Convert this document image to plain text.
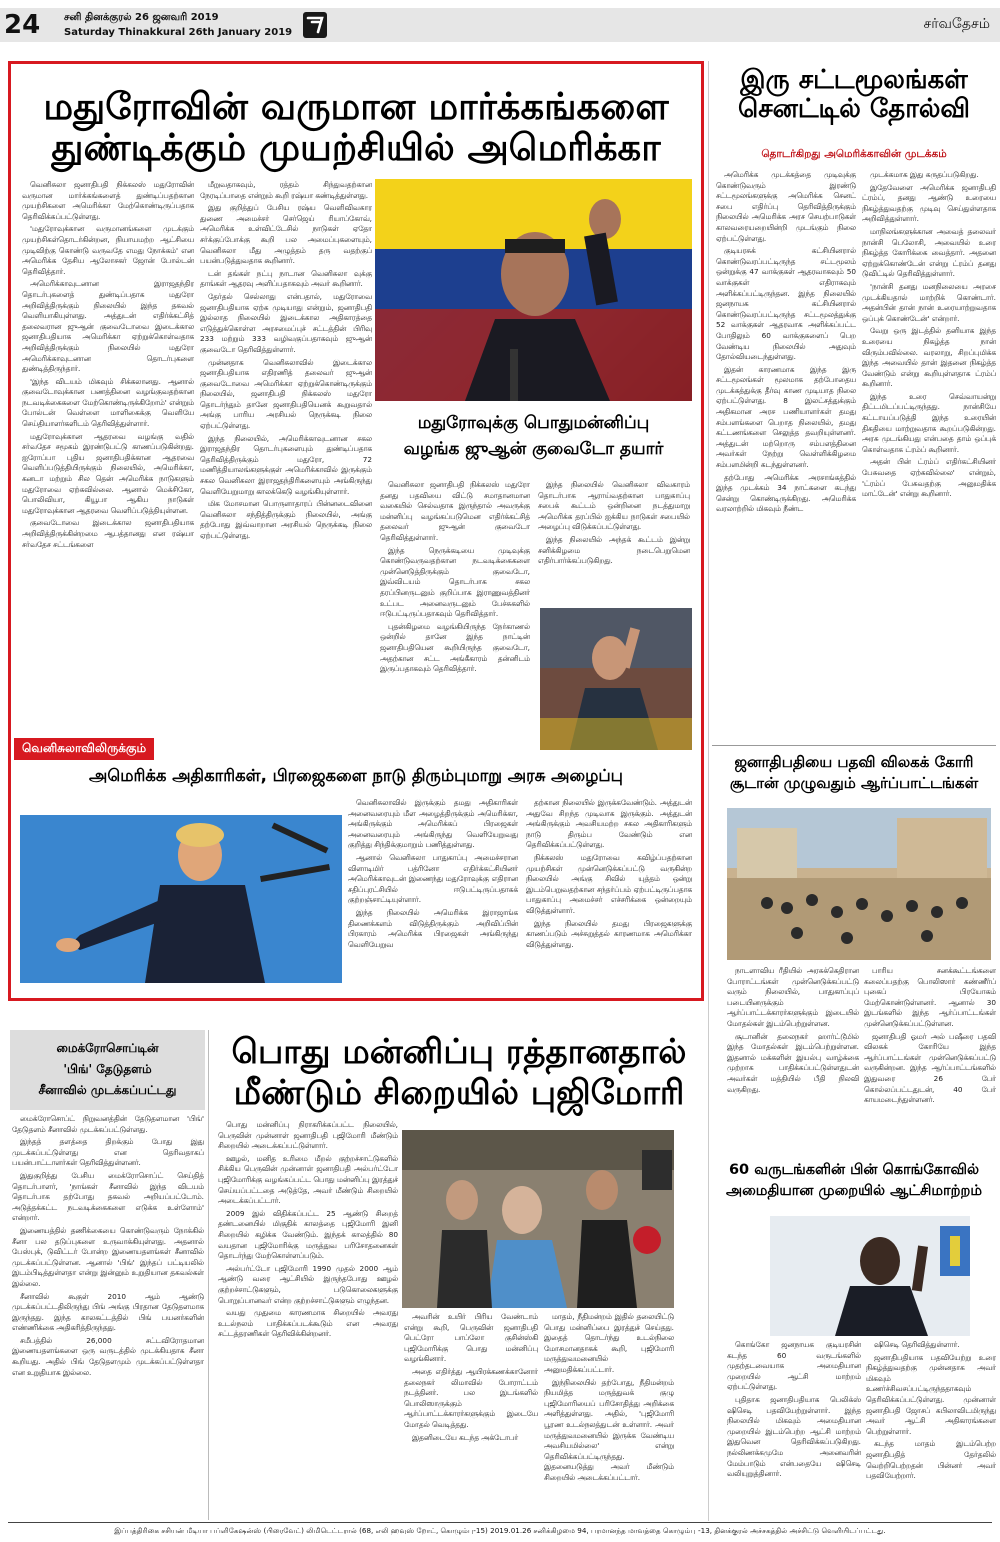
24 சனி தினக்குரல் 26 ஜனவரி 2019
Saturday Thinakkural 26th January 2019
சர்வதேசம்
மதுரோவின் வருமான மார்க்கங்களை
துண்டிக்கும் முயற்சியில் அமெரிக்கா

வெனிசுலா ஜனாதிபதி நிக்கலஸ் மதுரோவின் வருமான மார்க்கங்களைத் துண்டிப்பதற்கான முயற்சிகளை அமெரிக்கா மேற்கொண்டிருப்பதாக தெரிவிக்கப்பட்டுள்ளது.

'மதுரோவுக்கான வருமானங்களை முடக்கும் முயற்சிகள்தொடர்கின்றன, நியாயமற்ற ஆட்சியை முடிவிற்கு கொண்டு வருவதே எமது நோக்கம்' என அமெரிக்க தேசிய ஆலோசகர் ஜோன் போல்டன் தெரிவித்தார்.

அமெரிக்காவுடனான இராஜதந்திர தொடர்புகளைத் துண்டிப்பதாக மதுரோ அறிவித்திருக்கும் நிலையில் இந்த தகவல் வெளியாகியுள்ளது. அத்துடன் எதிர்க்கட்சித் தலைவரான ஜுஆன் குவைடோவை இடைக்கால ஜனாதிபதியாக அமெரிக்கா ஏற்றுக்கொள்வதாக அறிவித்திருக்கும் நிலையில் மதுரோ அமெரிக்காவுடனான தொடர்புகளை துண்டித்திருந்தார்.

'இந்த விடயம் மிகவும் சிக்கலானது. ஆனால் குவைடோவுக்கான பணத்தினை வழங்குவதற்கான நடவடிக்கைகளை மேற்கொண்டிருக்கிறோம்' என்றும் போல்டன் வெள்ளை மாளிகைக்கு வெளியே செய்தியாளர்களிடம் தெரிவித்துள்ளார்.

மதுரோவுக்கான ஆதரவை வழங்கு வதில் சர்வதேச சமூகம் இரண்டுபட்டு காணப்படுகின்றது. ஐரோப்பா புதிய ஜனாதிபதிக்கான ஆதரவை வெளிப்படுத்தியிருக்கும் நிலையில், அமெரிக்கா, கனடா மற்றும் சில தென் அமெரிக்க நாடுகளும் மதுரோவை ஏற்கவில்லை. ஆனால் மெக்சிகோ, பொலிவியா, கியூபா ஆகிய நாடுகள் மதுரோவுக்கான ஆதரவை வெளிப்படுத்தியுள்ளன.

குவைடோவை இடைக்கால ஜனாதிபதியாக அறிவித்திருக்கின்றமை ஆபத்தானது என ரஷ்யா சர்வதேச சட்டங்களை

மீறுவதாகவும், ரத்தம் சிந்துவதற்கான நேரடிப்பாதை என்றும் கூறி ரஷ்யா கண்டித்துள்ளது.

இது குறித்துப் பேசிய ரஷ்ய வெளிவிவகார துணை அமைச்சர் செர்ஜெய் ரியாப்கோவ், அமெரிக்க உள்விட்டேசில் நாடுகள் ஏதோ சர்க்குப்போக்கு கூறி பல அமைப்புகளையும், வெனிசுலா மீது அழுத்தம் தரு வதற்குப் பயன்படுத்துவதாக கூறினார்.

டன் தங்கள் நட்பு நாடான வெனிசுலா வுக்கு தாங்கள் ஆதரவு அளிப்பதாகவும் அவர் கூறினார்.

தேர்தல் செல்லாது என்பதால், மதுரோவை ஜனாதிபதியாக ஏற்க முடியாது என்றும், ஜனாதிபதி இல்லாத நிலையில் இடைக்கால அதிகாரத்தை எடுத்துக்கொள்ள அரசமைப்புச் சட்டத்தின் பிரிவு 233 மற்றும் 333 வழிவகுப்பதாகவும் ஜுஆன் குவைடோ தெரிவித்துள்ளார்.

முன்னதாக வெனிசுலாவில் இடைக்கால ஜனாதிபதியாக எதிரணித் தலைவர் ஜுஆன் குவைடோவை அமெரிக்கா ஏற்றுக்கொண்டிருக்கும் நிலையில், ஜனாதிபதி நிக்கலஸ் மதுரோ தொடர்ந்தும் தானே ஜனாதிபதியெனக் கூறுவதால் அங்கு பாரிய அரசியல் நெருக்கடி நிலை ஏற்பட்டுள்ளது.

இந்த நிலையில், அமெரிக்காவுடனான சகல இராஜதந்திர தொடர்புகளையும் துண்டிப்பதாக தெரிவித்திருக்கும் மதுரோ, 72 மணித்தியாலங்களுக்குள் அமெரிக்காவில் இருக்கும் சகல வெனிசுலா இராஜதந்திரிகளையும் அங்கிருந்து வெளியேறுமாறு காலக்கெடு வழங்கியுள்ளார்.

மிக மோசமான பொருளாதாரப் பின்னடைவினை வெனிசுலா சந்தித்திருக்கும் நிலையில், அங்கு தற்போது இவ்வாறான அரசியல் நெருக்கடி நிலை ஏற்பட்டுள்ளது.

மதுரோவுக்கு பொதுமன்னிப்பு
வழங்க ஜுஆன் குவைடோ தயார்

வெனிசுலா ஜனாதிபதி நிக்கலஸ் மதுரோ தனது பதவியை விட்டு சமாதானமான வகையில் செல்வதாக இருந்தால் அவருக்கு மன்னிப்பு வழங்கப்படுமென எதிர்க்கட்சித் தலைவர் ஜுஆன் குவைடோ தெரிவித்துள்ளார்.

இந்த நெருக்கடியை முடிவுக்கு கொண்டுவருவதற்கான நடவடிக்கைகளை முன்னெடுத்திருக்கும் குவைடோ, இவ்விடயம் தொடர்பாக சகல தரப்பினருடனும் குறிப்பாக இராணுவத்தினர் உட்பட அனைவருடனும் பேச்சுகளில் ஈடுபட்டிருப்பதாகவும் தெரிவித்தார்.

புதன்கிழமை வழங்கியிருந்த நேர்காணல் ஒன்றில் தானே இந்த நாட்டின் ஜனாதிபதியென கூறியிருந்த குவைடோ, அதற்கான சட்ட அங்கீகாரம் தன்னிடம் இருப்பதாகவும் தெரிவித்தார்.

இந்த நிலையில் வெனிசுலா விவகாரம் தொடர்பாக ஆராய்வதற்கான பாதுகாப்பு சபைக் கூட்டம் ஒன்றினை நடத்துமாறு அமெரிக்க தரப்பில் ஐக்கிய நாடுகள் சபையில் அழைப்பு விடுக்கப்பட்டுள்ளது.

இந்த நிலையில் அந்தக் கூட்டம் இன்று சனிக்கிழமை நடைபெறுமென எதிர்பார்க்கப்படுகிறது.

வெனிசுலாவிலிருக்கும்
அமெரிக்க அதிகாரிகள், பிரஜைகளை நாடு திரும்புமாறு அரசு அழைப்பு

வெனிசுலாவில் இருக்கும் தமது அதிகாரிகள் அனைவரையும் மீள அழைத்திருக்கும் அமெரிக்கா, அங்கிருக்கும் அமெரிக்கப் பிரஜைகள் அனைவரையும் அங்கிருந்து வெளியேறுவது குறித்து சிந்திக்குமாறும் பணித்துள்ளது.

ஆனால் வெனிசுலா பாதுகாப்பு அமைச்சரான விளாடிமிர் பத்ரினோ எதிர்க்கட்சியினர் அமெரிக்காவுடன் இணைந்து மதுரோவுக்கு எதிரான சதிப்புரட்சியில் ஈடுபட்டிருப்பதாகக் குற்றஞ்சாட்டியுள்ளார்.

இந்த நிலையில் அமெரிக்க இராஜாங்க திணைக்களம் விடுத்திருக்கும் அறிவிப்பின் பிரகாரம் அமெரிக்க பிரஜைகள் அங்கிருந்து வெளியேறுவ

தற்கான நிலையில் இருக்கவேண்டும். அத்துடன் அதுவே சிறந்த முடிவாக இருக்கும். அத்துடன் அங்கிருக்கும் அவசியமற்ற சகல அதிகாரிகளும் நாடு திரும்ப வேண்டும் என தெரிவிக்கப்பட்டுள்ளது.

நிக்கலஸ் மதுரோவை கவிழ்ப்பதற்கான முயற்சிகள் முன்னெடுக்கப்பட்டு வருகின்ற நிலையில் அங்கு சிவில் யுத்தம் ஒன்று இடம்பெறுவதற்கான சந்தர்ப்பம் ஏற்பட்டிருப்பதாக பாதுகாப்பு அமைச்சர் எச்சரிக்கை ஒன்றையும் விடுத்துள்ளார்.

இந்த நிலையில் தமது பிரஜைகளுக்கு காணப்படும் அச்சுறுத்தல் காரணமாக அமெரிக்கா விடுத்துள்ளது.

இரு சட்டமூலங்கள்
செனட்டில் தோல்வி
தொடர்கிறது அமெரிக்காவின் முடக்கம்

அமெரிக்க முடக்கத்தை முடிவுக்கு கொண்டுவரும் இரண்டு சட்டமூலங்களுக்கு அமெரிக்க செனட் சபை எதிர்ப்பு தெரிவித்திருக்கும் நிலையில் அமெரிக்க அரச செயற்பாடுகள் காலவரையறையின்றி முடங்கும் நிலை ஏற்பட்டுள்ளது.

குடியரசுக் கட்சியினரால் கொண்டுவரப்பட்டிருந்த சட்டமூலம் ஒன்றுக்கு 47 வாக்குகள் ஆதரவாகவும் 50 வாக்குகள் எதிராகவும் அளிக்கப்பட்டிருந்தன. இந்த நிலையில் ஜனநாயக கட்சியினரால் கொண்டுவரப்பட்டிருந்த சட்டமூலத்துக்கு 52 வாக்குகள் ஆதரவாக அளிக்கப்பட்ட போதிலும் 60 வாக்குகளைப் பெற வேண்டிய நிலையில் அதுவும் தோல்வியடைந்துள்ளது.

இதன் காரணமாக இந்த இரு சட்டமூலங்கள் மூலமாக தற்போதைய முடக்கத்துக்கு தீர்வு காண முடியாத நிலை ஏற்பட்டுள்ளது. 8 இலட்சத்துக்கும் அதிகமான அரச பணியாளர்கள் தமது சம்பளங்களை பெறாத நிலையில், தமது கட்டணங்களை செலுத்த தவறியுள்ளனர். அத்துடன் மற்றொரு சம்பளத்தினை அவர்கள் நேற்று வெள்ளிக்கிழமை சம்பளமின்றி கடந்துள்ளனர்.

தற்போது அமெரிக்க அரசாங்கத்தில் இந்த முடக்கம் 34 நாட்களை கடந்து சென்று கொண்டிருக்கிறது. அமெரிக்க வரலாற்றில் மிகவும் நீண்ட

முடக்கமாக இது கருதப்படுகிறது.

இதேவேளை அமெரிக்க ஜனாதிபதி ட்ரம்ப், தனது ஆண்டு உரையை நிகழ்த்துவதற்கு முடிவு செய்துள்ளதாக அறிவித்துள்ளார்.

மாநிலங்களுக்கான அவைத் தலைவர் நான்சி பெலோசி, அவையில் உரை நிகழ்த்த கோரிக்கை வைத்தார். அதனை ஏற்றுக்கொண்டேன் என்று ட்ரம்ப் தனது டுவிட்டில் தெரிவித்துள்ளார்.

'நான்சி தனது மனநிலையை அரசை முடக்கியதால் மாற்றிக் கொண்டார். அதன்பின் தான் நான் உரையாற்றுவதாக ஒப்புக் கொண்டேன்' என்றார்.

வேறு ஒரு இடத்தில் தனியாக இந்த உரையை நிகழ்த்த நான் விரும்பவில்லை. வரலாறு, சிறப்புமிக்க இந்த அவையில் தான் இதனை நிகழ்த்த வேண்டும் என்று கூறியுள்ளதாக ட்ரம்ப் கூறினார்.

இந்த உரை செவ்வாயன்று திட்டமிடப்பட்டிருந்தது. நான்சியே கட்டாயப்படுத்தி இந்த உரையின் திகதியை மாற்றுவதாக கூறப்படுகின்றது. அரசு முடங்கியது என்பதை தாம் ஒப்புக் கொள்வதாக ட்ரம்ப் கூறினார்.

அதன் பின் ட்ரம்ப் எதிர்கட்சியினர் பேசுவதை ஏற்கவில்லை' என்றும், 'ட்ரம்ப் பேசுவதற்கு அனுமதிக்க மாட்டேன்' என்று கூறினார்.

ஜனாதிபதியை பதவி விலகக் கோரி
சூடான் முழுவதும் ஆர்ப்பாட்டங்கள்

நாடளாவிய ரீதியில் அரசுக்கெதிரான போராட்டங்கள் முன்னெடுக்கப்பட்டு வரும் நிலையில், பாதுகாப்புப் படையினருக்கும் ஆர்ப்பாட்டக்காரர்களுக்கும் இடையில் மோதல்கள் இடம்பெற்றுள்ளன.

சூடானின் தலைநகர் ஹார்ட்டூமில் இந்த மோதல்கள் இடம்பெற்றுள்ளன. இதனால் மக்களின் இயல்பு வாழ்க்கை முற்றாக பாதிக்கப்பட்டுள்ளதுடன் அவர்கள் மத்தியில் பீதி நிலவி வருகிறது.

பாரிய சனக்கூட்டங்களை கலைப்பதற்கு பொலிஸார் கண்ணீர்ப் புகைப் பிரயோகம் மேற்கொண்டுள்ளனர். ஆனால் 30 இடங்களில் இந்த ஆர்ப்பாட்டங்கள் முன்னெடுக்கப்பட்டுள்ளன.

ஜனாதிபதி ஓமர் அல் பஷீரை பதவி விலகக் கோரியே இந்த ஆர்ப்பாட்டங்கள் முன்னெடுக்கப்பட்டு வருகின்றன. இந்த ஆர்ப்பாட்டங்களில் இதுவரை 26 பேர் கொல்லப்பட்டதுடன், 40 பேர் காயமடைந்துள்ளனர்.

60 வருடங்களின் பின் கொங்கோவில்
அமைதியான முறையில் ஆட்சிமாற்றம்

கொங்கோ ஜனநாயக குடியரசின் கடந்த 60 வருடங்களில் முதற்தடவையாக அமைதியான முறையில் ஆட்சி மாற்றம் ஏற்பட்டுள்ளது.

புதிதாக ஜனாதிபதியாக பெலிக்ஸ் ஷிசெடி பதவியேற்றுள்ளார். இந்த நிலையில் மிகவும் அமைதியான முறையில் இடம்பெற்ற ஆட்சி மாற்றம் இதுவென தெரிவிக்கப்படுகிறது. நல்லிணக்கமுமே அனைவரின் மேம்பாடும் என்பதையே ஷிசெடி வலியுறுத்தினார்.

ஷிசெடி தெரிவித்துள்ளார்.

ஜனாதிபதியாக பதவியேற்று உரை நிகழ்த்துவதற்கு முன்னதாக அவர் மிகவும் உணர்ச்சிவசப்பட்டிருந்ததாகவும் தெரிவிக்கப்பட்டுள்ளது. முன்னாள் ஜனாதிபதி ஜோசப் கபிலாவிடமிருந்து அவர் ஆட்சி அதிகாரங்களை பெற்றுள்ளார்.

கடந்த மாதம் இடம்பெற்ற ஜனாதிபதித் தேர்தலில் வெற்றிபெற்றதன் பின்னர் அவர் பதவியேற்றார்.

மைக்ரோசொப்டின்
'பிங்' தேடுதளம்
சீனாவில் முடக்கப்பட்டது

மைக்ரோசொப்ட் நிறுவனத்தின் தேடுதளமான 'பிங்' தேடுதளம் சீனாவில் முடக்கப்பட்டுள்ளது.

இந்தத் தளத்தை திறக்கும் போது இது முடக்கப்பட்டுள்ளது என தெரிவதாகப் பயன்பாட்டாளர்கள் தெரிவித்துள்ளனர்.

இதுகுறித்து பேசிய மைக்ரோசொப்ட் செய்தித் தொடர்பாளர், 'நாங்கள் சீனாவில் இந்த விடயம் தொடர்பாக தற்போது தகவல் அறியப்பட்டோம். அடுத்தக்கட்ட நடவடிக்கைகளை எடுக்க உள்ளோம்' என்றார்.

இணையத்தில் தணிக்கையை கொண்டுவரும் நோக்கில் சீனா பல தடுப்புகளை உருவாக்கியுள்ளது. அதனால் பேஸ்புக், டுவிட்டர் போன்ற இணையதளங்கள் சீனாவில் முடக்கப்பட்டுள்ளன. ஆனால் 'பிங்' இந்தப் பட்டியலில் இடம்பிடித்துள்ளதா என்று இன்னும் உறுதியான தகவல்கள் இல்லை.

சீனாவில் கூகுள் 2010 ஆம் ஆண்டு முடக்கப்பட்டதிலிருந்து பிங் அங்கு பிரதான தேடுதளமாக இருந்தது. இந்த காலகட்டத்தில் பிங் பயனர்களின் எண்ணிக்கை அதிகரித்திருந்தது.

சமீபத்தில் 26,000 சட்டவிரோதமான இணையதளங்களை ஒரு வருடத்தில் முடக்கியதாக சீனா கூறியது. அதில் பிங் தேடுதளமும் முடக்கப்பட்டுள்ளதா என உறுதியாக இல்லை.

பொது மன்னிப்பு ரத்தானதால்
மீண்டும் சிறையில் புஜிமோரி

பொது மன்னிப்பு நிராகரிக்கப்பட்ட நிலையில், பெருவின் முன்னாள் ஜனாதிபதி புஜிமோரி மீண்டும் சிறையில் அடைக்கப்பட்டுள்ளார்.

ஊழல், மனித உரிமை மீறல் குற்றச்சாட்டுகளில் சிக்கிய பெருவின் முன்னாள் ஜனாதிபதி அல்பர்ட்டோ புஜிமோரிக்கு வழங்கப்பட்ட பொது மன்னிப்பு இரத்துச் செய்யப்பட்டதை அடுத்தே, அவர் மீண்டும் சிறையில் அடைக்கப்பட்டார்.

2009 இல் விதிக்கப்பட்ட 25 ஆண்டு சிறைத் தண்டனையில் மிகுதிக் காலத்தை புஜிமோரி இனி சிறையில் கழிக்க வேண்டும். இந்தக் காலத்தில் 80 வயதான புஜிமோரிக்கு மருத்துவ பரிசோதனைகள் தொடர்ந்து மேற்கொள்ளப்படும்.

அல்பர்ட்டோ புஜிமோரி 1990 முதல் 2000 ஆம் ஆண்டு வரை ஆட்சியில் இருந்தபோது ஊழல் குற்றச்சாட்டுகளும், படுகொலைகளுக்கு பொறுப்பானவர் என்ற குற்றச்சாட்டுகளும் எழுந்தன.

வயது முதுமை காரணமாக சிறையில் அவரது உடல்நலம் பாதிக்கப்படக்கூடும் என அவரது சட்டத்தரணிகள் தெரிவிக்கின்றனர்.

அவரின் உயிர் பிரிய வேண்டாம் என்று கூறி, பெருவின் ஜனாதிபதி பெட்ரோ பாப்லோ குசின்ஸ்கி புஜிமோரிக்கு பொது மன்னிப்பு வழங்கினார்.

அதை எதிர்த்து ஆயிரக்கணக்கானோர் தலைநகர் லிமாவில் போராட்டம் நடத்தினர். பல இடங்களில் பொலிஸாருக்கும் ஆர்ப்பாட்டக்காரர்களுக்கும் இடையே மோதல் வெடித்தது.

இதனிடையே கடந்த அக்டோபர்

மாதம், நீதிமன்றம் இதில் தலையிட்டு பொது மன்னிப்பை இரத்துச் செய்தது. இதைத் தொடர்ந்து உடல்நிலை மோசமானதாகக் கூறி, புஜிமோரி மருத்துவமனையில் அனுமதிக்கப்பட்டார்.

இந்நிலையில் தற்போது, நீதிமன்றம் நியமித்த மருத்துவக் குழு புஜிமோரியைப் பரிசோதித்து அறிக்கை அளித்துள்ளது. அதில், 'புஜிமோரி பூரண உடல்நலத்துடன் உள்ளார். அவர் மருத்துவமனையில் இருக்க வேண்டிய அவசியமில்லை' என்று தெரிவிக்கப்பட்டிருந்தது. இதனையடுத்து அவர் மீண்டும் சிறையில் அடைக்கப்பட்டார்.

இப்பத்திரிகை சசியன் மீடியா பப்ளிகேஷன்ஸ் (பிரைவேட்) லிமிடெட்டரால் (68, எலி ஹவுஸ் றோட், கொழும்பு-15) 2019.01.26 சனிக்கிழமை 94, பரமானந்த மாவத்தை கொழும்பு -13, தினக்குரல் அச்சகத்தில் அச்சிட்டு வெளியிடப்பட்டது.
